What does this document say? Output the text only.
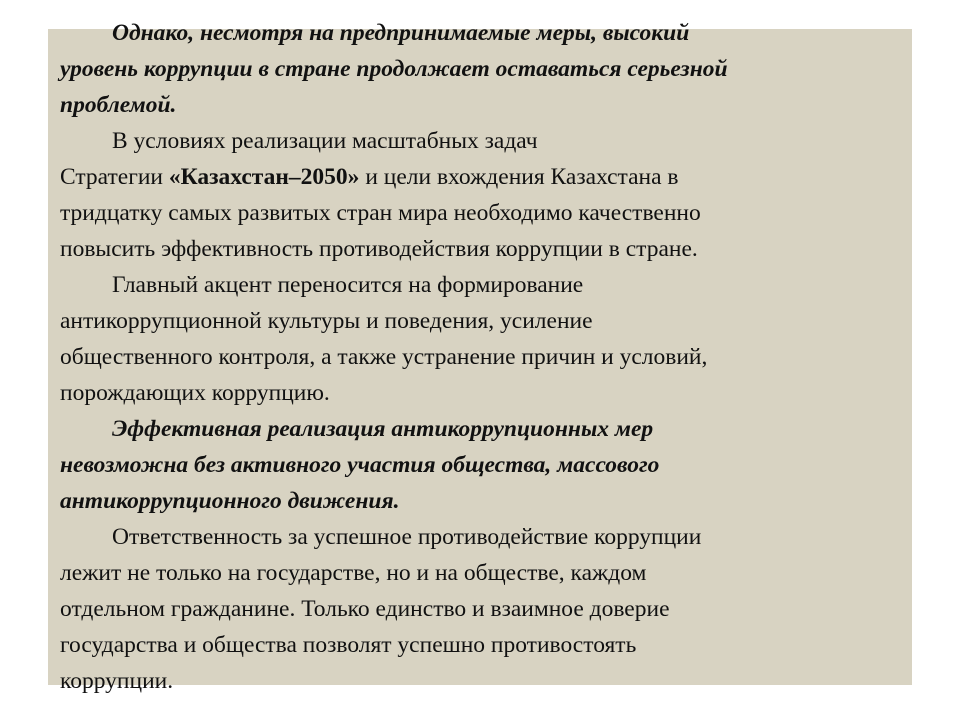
Однако, несмотря на предпринимаемые меры, высокий
уровень коррупции в стране продолжает оставаться серьезной
проблемой.
В условиях реализации масштабных задач
Стратегии «Казахстан–2050» и цели вхождения Казахстана в
тридцатку самых развитых стран мира необходимо качественно
повысить эффективность противодействия коррупции в стране.
Главный акцент переносится на формирование
антикоррупционной культуры и поведения, усиление
общественного контроля, а также устранение причин и условий,
порождающих коррупцию.
Эффективная реализация антикоррупционных мер
невозможна без активного участия общества, массового
антикоррупционного движения.
Ответственность за успешное противодействие коррупции
лежит не только на государстве, но и на обществе, каждом
отдельном гражданине. Только единство и взаимное доверие
государства и общества позволят успешно противостоять
коррупции.
